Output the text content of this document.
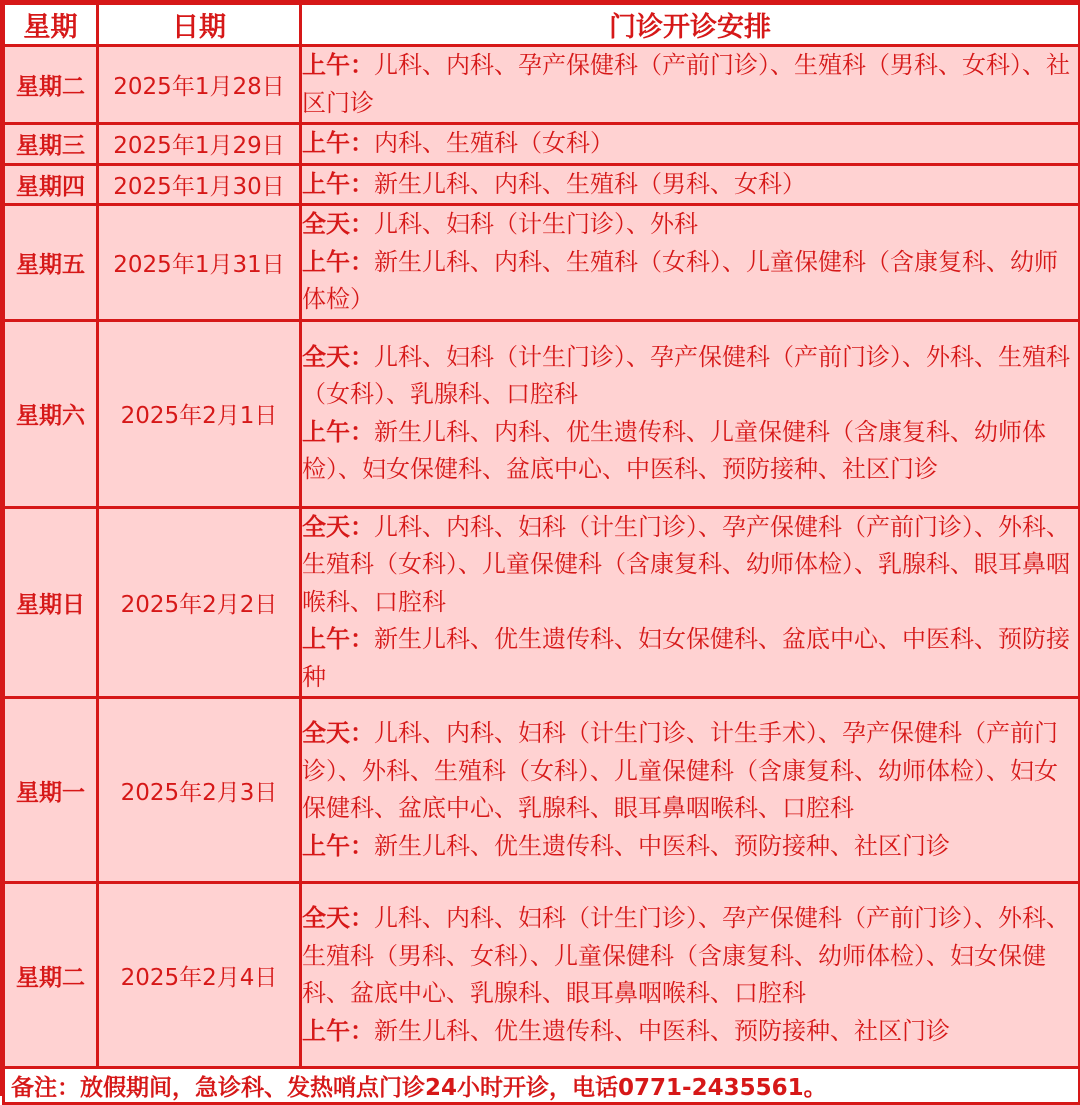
星期	日期	门诊开诊安排
星期二	2025年1月28日	上午：儿科、内科、孕产保健科（产前门诊）、生殖科（男科、女科）、社区门诊

星期三	2025年1月29日	上午：内科、生殖科（女科）

星期四	2025年1月30日	上午：新生儿科、内科、生殖科（男科、女科）

星期五	2025年1月31日	全天：儿科、妇科（计生门诊）、外科
上午：新生儿科、内科、生殖科（女科）、儿童保健科（含康复科、幼师体检）

星期六	2025年2月1日	全天：儿科、妇科（计生门诊）、孕产保健科（产前门诊）、外科、生殖科（女科）、乳腺科、口腔科
上午：新生儿科、内科、优生遗传科、儿童保健科（含康复科、幼师体检）、妇女保健科、盆底中心、中医科、预防接种、社区门诊

星期日	2025年2月2日	全天：儿科、内科、妇科（计生门诊）、孕产保健科（产前门诊）、外科、生殖科（女科）、儿童保健科（含康复科、幼师体检）、乳腺科、眼耳鼻咽喉科、口腔科
上午：新生儿科、优生遗传科、妇女保健科、盆底中心、中医科、预防接种

星期一	2025年2月3日	全天：儿科、内科、妇科（计生门诊、计生手术）、孕产保健科（产前门诊）、外科、生殖科（女科）、儿童保健科（含康复科、幼师体检）、妇女保健科、盆底中心、乳腺科、眼耳鼻咽喉科、口腔科
上午：新生儿科、优生遗传科、中医科、预防接种、社区门诊

星期二	2025年2月4日	全天：儿科、内科、妇科（计生门诊）、孕产保健科（产前门诊）、外科、生殖科（男科、女科）、儿童保健科（含康复科、幼师体检）、妇女保健科、盆底中心、乳腺科、眼耳鼻咽喉科、口腔科
上午：新生儿科、优生遗传科、中医科、预防接种、社区门诊

备注：放假期间，急诊科、发热哨点门诊24小时开诊，电话0771-2435561。		
